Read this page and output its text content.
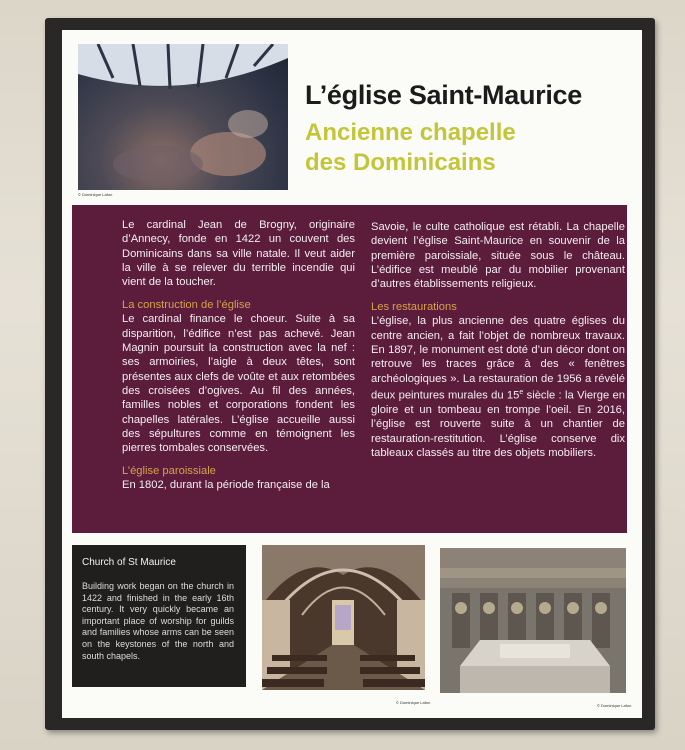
© Dominique Lafon
L’église Saint-Maurice
Ancienne chapelle
des Dominicains

Le cardinal Jean de Brogny, originaire d’Annecy, fonde en 1422 un couvent des Dominicains dans sa ville natale. Il veut aider la ville à se relever du terrible incendie qui vient de la toucher.

La construction de l’église

Le cardinal finance le choeur. Suite à sa disparition, l’édifice n’est pas achevé. Jean Magnin poursuit la construction avec la nef : ses armoiries, l’aigle à deux têtes, sont présentes aux clefs de voûte et aux retombées des croisées d’ogives. Au fil des années, familles nobles et corporations fondent les chapelles latérales. L’église accueille aussi des sépultures comme en témoignent les pierres tombales conservées.

L’église paroissiale

En 1802, durant la période française de la

Savoie, le culte catholique est rétabli. La chapelle devient l’église Saint-Maurice en souvenir de la première paroissiale, située sous le château. L’édifice est meublé par du mobilier provenant d’autres établissements religieux.

Les restaurations

L’église, la plus ancienne des quatre églises du centre ancien, a fait l’objet de nombreux travaux. En 1897, le monument est doté d’un décor dont on retrouve les traces grâce à des « fenêtres archéologiques ». La restauration de 1956 a révélé deux peintures murales du 15e siècle : la Vierge en gloire et un tombeau en trompe l’oeil. En 2016, l’église est rouverte suite à un chantier de restauration-restitution. L’église conserve dix tableaux classés au titre des objets mobiliers.

Church of St Maurice
Building work began on the church in 1422 and finished in the early 16th century. It very quickly became an important place of worship for guilds and families whose arms can be seen on the keystones of the north and south chapels.
© Dominique Lafon
© Dominique Lafon
